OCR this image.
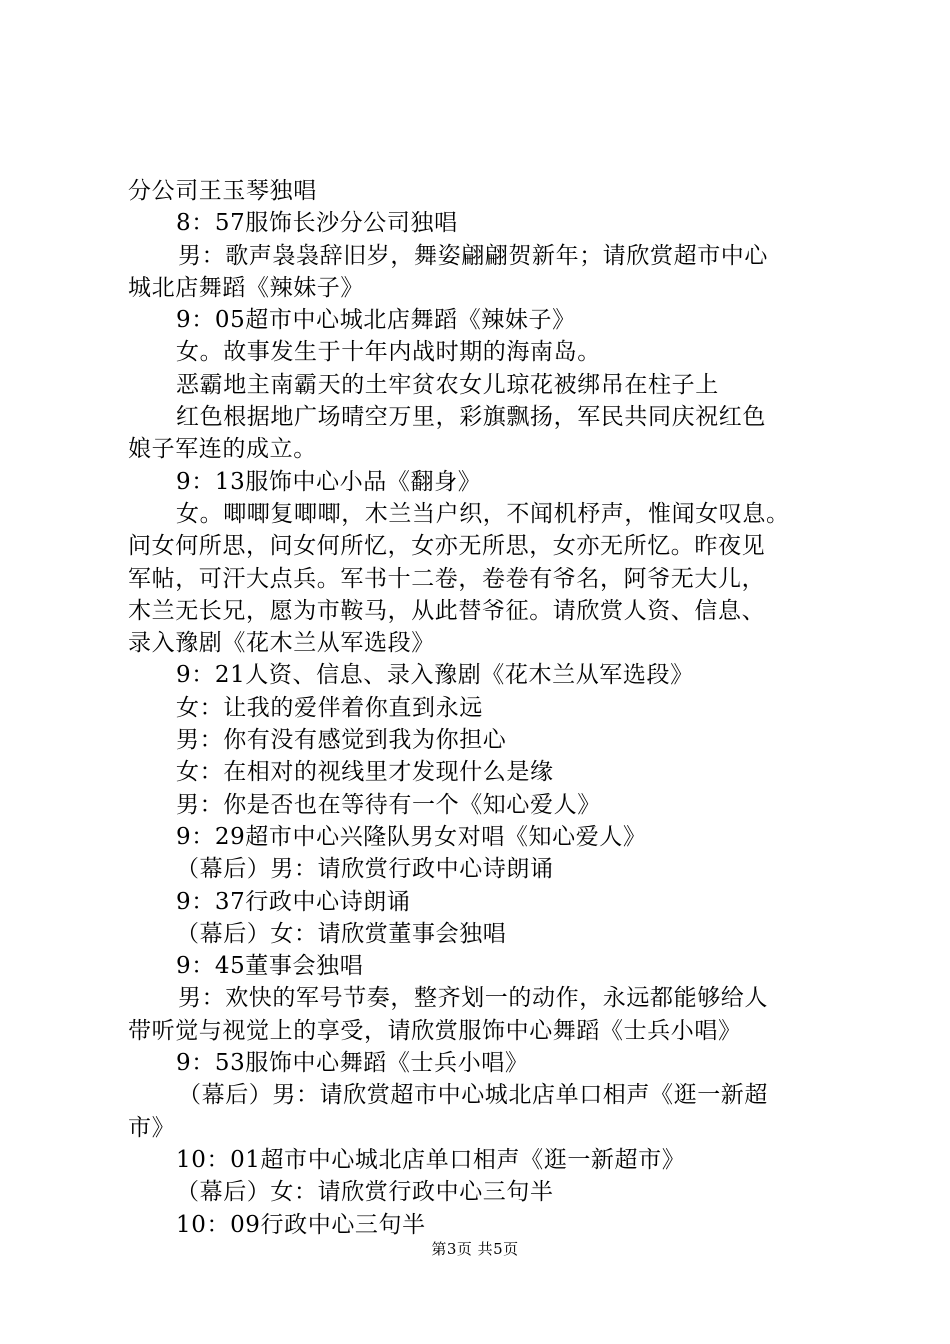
分公司王玉琴独唱
8：57服饰长沙分公司独唱
男：歌声袅袅辞旧岁，舞姿翩翩贺新年；请欣赏超市中心
城北店舞蹈《辣妹子》
9：05超市中心城北店舞蹈《辣妹子》
女。故事发生于十年内战时期的海南岛。
恶霸地主南霸天的土牢贫农女儿琼花被绑吊在柱子上
红色根据地广场晴空万里，彩旗飘扬，军民共同庆祝红色
娘子军连的成立。
9：13服饰中心小品《翻身》
女。唧唧复唧唧，木兰当户织，不闻机杼声，惟闻女叹息。
问女何所思，问女何所忆，女亦无所思，女亦无所忆。昨夜见
军帖，可汗大点兵。军书十二卷，卷卷有爷名，阿爷无大儿，
木兰无长兄，愿为市鞍马，从此替爷征。请欣赏人资、信息、
录入豫剧《花木兰从军选段》
9：21人资、信息、录入豫剧《花木兰从军选段》
女：让我的爱伴着你直到永远
男：你有没有感觉到我为你担心
女：在相对的视线里才发现什么是缘
男：你是否也在等待有一个《知心爱人》
9：29超市中心兴隆队男女对唱《知心爱人》
（幕后）男：请欣赏行政中心诗朗诵
9：37行政中心诗朗诵
（幕后）女：请欣赏董事会独唱
9：45董事会独唱
男：欢快的军号节奏，整齐划一的动作，永远都能够给人
带听觉与视觉上的享受，请欣赏服饰中心舞蹈《士兵小唱》
9：53服饰中心舞蹈《士兵小唱》
（幕后）男：请欣赏超市中心城北店单口相声《逛一新超
市》
10：01超市中心城北店单口相声《逛一新超市》
（幕后）女：请欣赏行政中心三句半
10：09行政中心三句半
第3页 共5页
